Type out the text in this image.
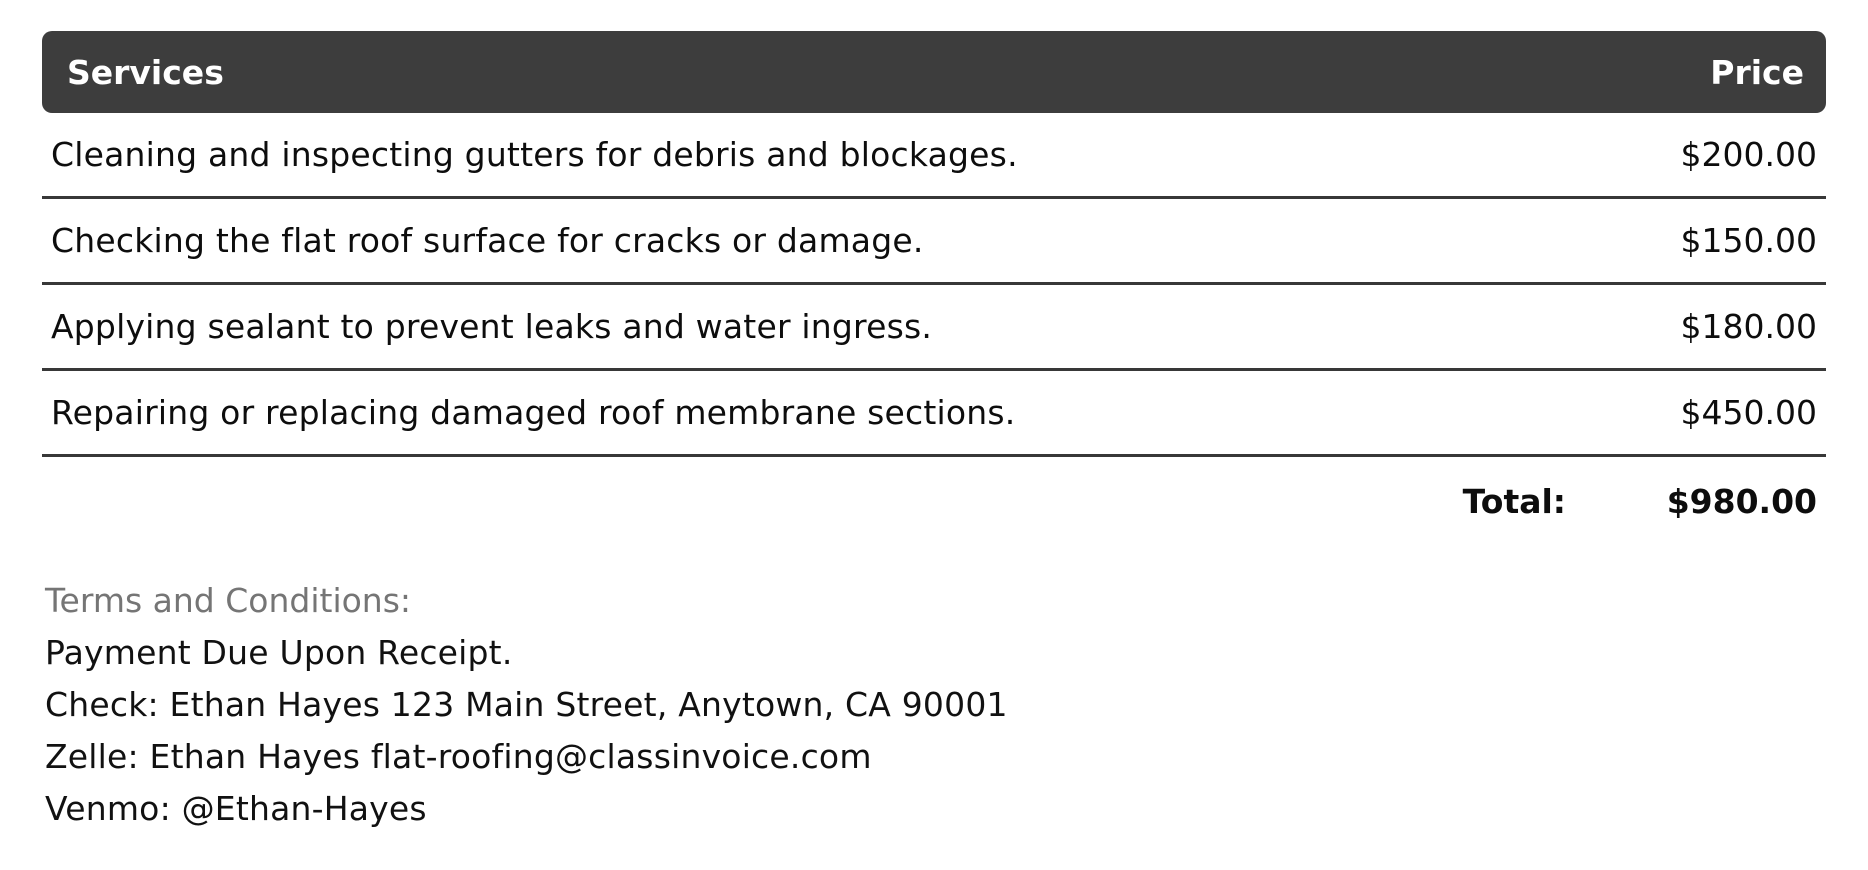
Services	Price
Cleaning and inspecting gutters for debris and blockages.	$200.00
Checking the flat roof surface for cracks or damage.	$150.00
Applying sealant to prevent leaks and water ingress.	$180.00
Repairing or replacing damaged roof membrane sections.	$450.00
Total:	$980.00
Terms and Conditions:
Payment Due Upon Receipt.
Check: Ethan Hayes 123 Main Street, Anytown, CA 90001
Zelle: Ethan Hayes flat-roofing@classinvoice.com
Venmo: @Ethan-Hayes
